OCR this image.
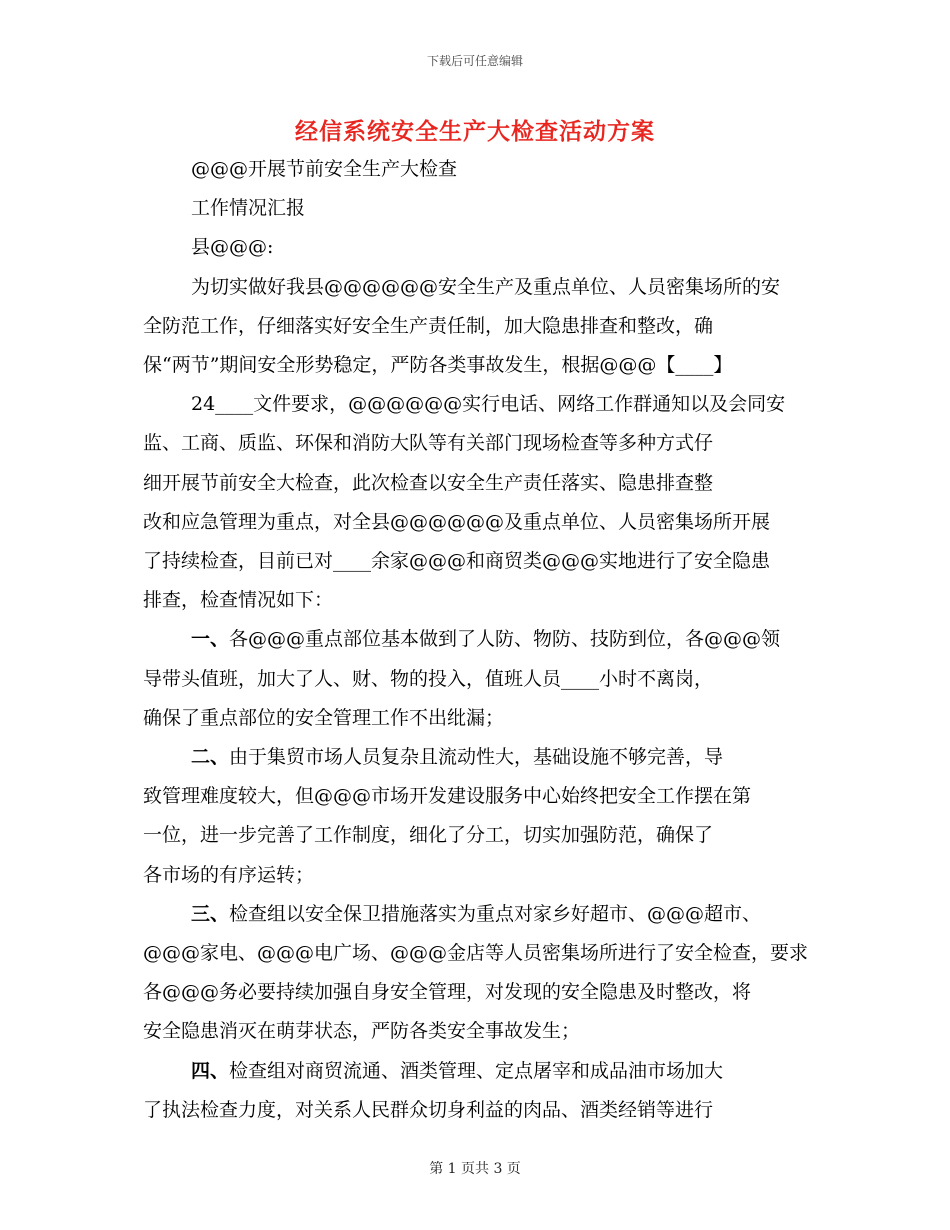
下载后可任意编辑
经信系统安全生产大检查活动方案
@@@开展节前安全生产大检查
工作情况汇报
县@@@:

为切实做好我县@@@@@@安全生产及重点单位、人员密集场所的安
全防范工作，仔细落实好安全生产责任制，加大隐患排查和整改，确
保“两节”期间安全形势稳定，严防各类事故发生，根据@@@【____】

24____文件要求，@@@@@@实行电话、网络工作群通知以及会同安
监、工商、质监、环保和消防大队等有关部门现场检查等多种方式仔
细开展节前安全大检查，此次检查以安全生产责任落实、隐患排查整
改和应急管理为重点，对全县@@@@@@及重点单位、人员密集场所开展
了持续检查，目前已对____余家@@@和商贸类@@@实地进行了安全隐患
排查，检查情况如下：

一、各@@@重点部位基本做到了人防、物防、技防到位，各@@@领
导带头值班，加大了人、财、物的投入，值班人员____小时不离岗，
确保了重点部位的安全管理工作不出纰漏；

二、由于集贸市场人员复杂且流动性大，基础设施不够完善，导
致管理难度较大，但@@@市场开发建设服务中心始终把安全工作摆在第
一位，进一步完善了工作制度，细化了分工，切实加强防范，确保了
各市场的有序运转；

三、检查组以安全保卫措施落实为重点对家乡好超市、@@@超市、
@@@家电、@@@电广场、@@@金店等人员密集场所进行了安全检查，要求
各@@@务必要持续加强自身安全管理，对发现的安全隐患及时整改，将
安全隐患消灭在萌芽状态，严防各类安全事故发生；

四、检查组对商贸流通、酒类管理、定点屠宰和成品油市场加大
了执法检查力度，对关系人民群众切身利益的肉品、酒类经销等进行

第 1 页共 3 页
